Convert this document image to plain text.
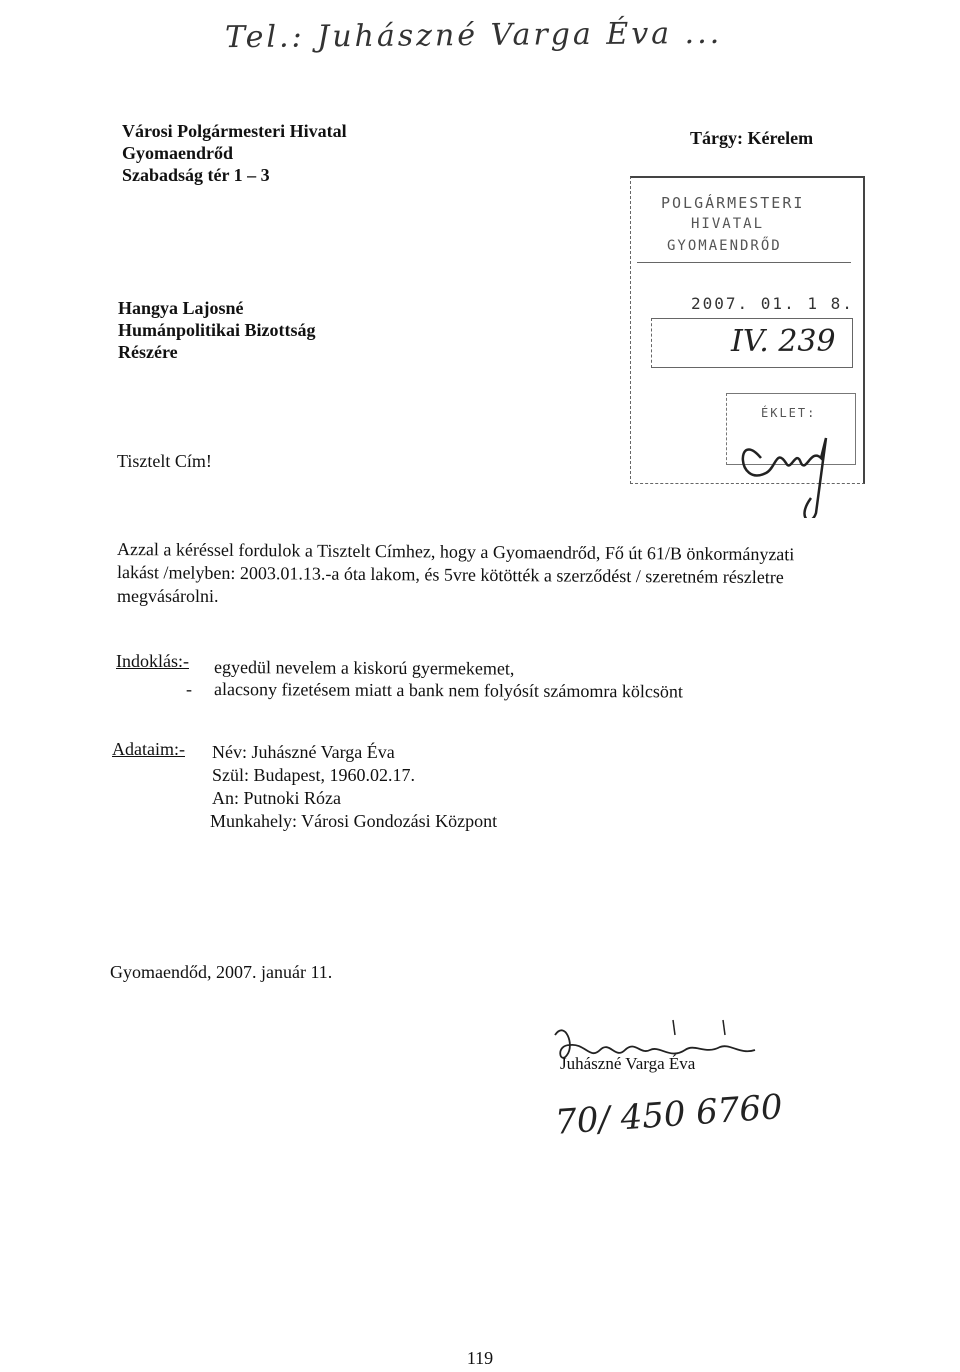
Tel.: Juhászné Varga Éva ...
Városi Polgármesteri Hivatal
Gyomaendrőd
Szabadság tér 1 – 3
Tárgy: Kérelem
POLGÁRMESTERI
HIVATAL
GYOMAENDRŐD
2007. 01. 1 8.
IV. 239
ÉKLET:
Hangya Lajosné
Humánpolitikai Bizottság
Részére
Tisztelt Cím!
Azzal a kéréssel fordulok a Tisztelt Címhez, hogy a Gyomaendrőd, Fő út 61/B önkormányzati
lakást /melyben: 2003.01.13.-a óta lakom, és 5vre kötötték a szerződést / szeretném részletre
megvásárolni.
Indoklás:- egyedül nevelem a kiskorú gyermekemet,
- alacsony fizetésem miatt a bank nem folyósít számomra kölcsönt
Adataim:- Név: Juhászné Varga Éva
Szül: Budapest, 1960.02.17.
An: Putnoki Róza
Munkahely: Városi Gondozási Központ
Gyomaendőd, 2007. január 11.
Juhászné Varga Éva
70/ 450 6760
119
